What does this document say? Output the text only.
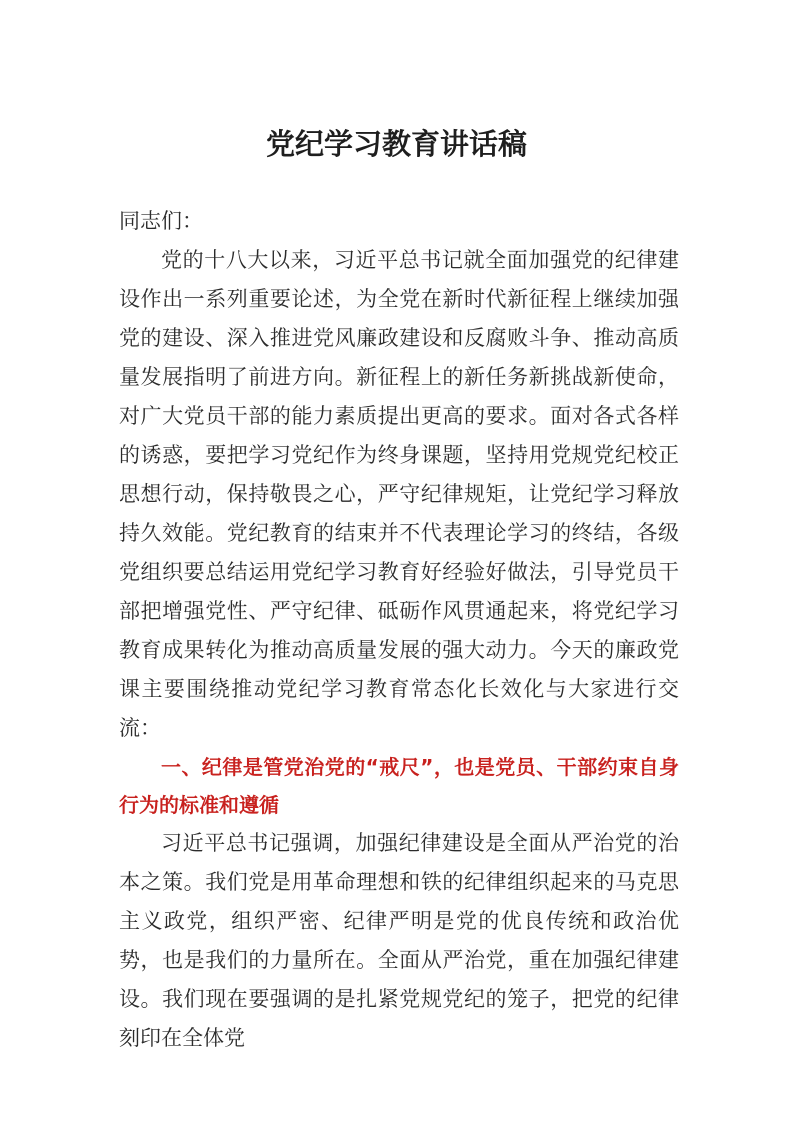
党纪学习教育讲话稿

同志们：

党的十八大以来，习近平总书记就全面加强党的纪律建设作出一系列重要论述，为全党在新时代新征程上继续加强党的建设、深入推进党风廉政建设和反腐败斗争、推动高质量发展指明了前进方向。新征程上的新任务新挑战新使命，对广大党员干部的能力素质提出更高的要求。面对各式各样的诱惑，要把学习党纪作为终身课题，坚持用党规党纪校正思想行动，保持敬畏之心，严守纪律规矩，让党纪学习释放持久效能。党纪教育的结束并不代表理论学习的终结，各级党组织要总结运用党纪学习教育好经验好做法，引导党员干部把增强党性、严守纪律、砥砺作风贯通起来，将党纪学习教育成果转化为推动高质量发展的强大动力。今天的廉政党课主要围绕推动党纪学习教育常态化长效化与大家进行交流：

一、纪律是管党治党的“戒尺”，也是党员、干部约束自身行为的标准和遵循

习近平总书记强调，加强纪律建设是全面从严治党的治本之策。我们党是用革命理想和铁的纪律组织起来的马克思主义政党，组织严密、纪律严明是党的优良传统和政治优势，也是我们的力量所在。全面从严治党，重在加强纪律建设。我们现在要强调的是扎紧党规党纪的笼子，把党的纪律刻印在全体党
